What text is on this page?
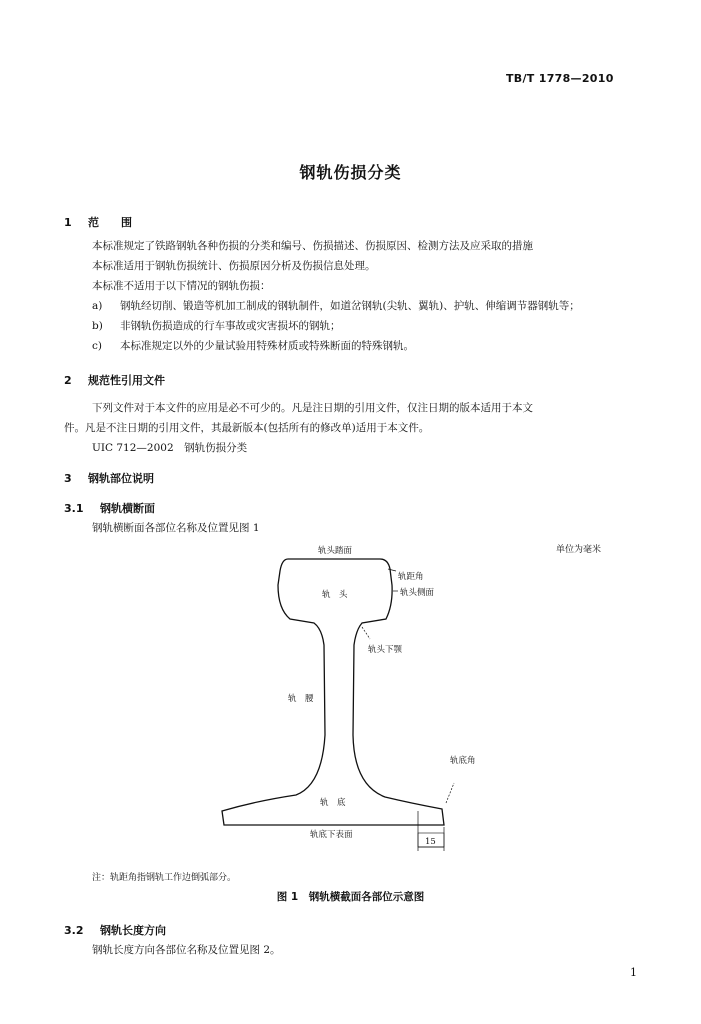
TB/T 1778—2010
钢轨伤损分类
1 范　　围
本标准规定了铁路钢轨各种伤损的分类和编号、伤损描述、伤损原因、检测方法及应采取的措施
本标准适用于钢轨伤损统计、伤损原因分析及伤损信息处理。
本标准不适用于以下情况的钢轨伤损：
a) 钢轨经切削、锻造等机加工制成的钢轨制件，如道岔钢轨(尖轨、翼轨)、护轨、伸缩调节器钢轨等；
b) 非钢轨伤损造成的行车事故或灾害损坏的钢轨；
c) 本标准规定以外的少量试验用特殊材质或特殊断面的特殊钢轨。
2 规范性引用文件
下列文件对于本文件的应用是必不可少的。凡是注日期的引用文件，仅注日期的版本适用于本文
件。凡是不注日期的引用文件，其最新版本(包括所有的修改单)适用于本文件。
UIC 712—2002　钢轨伤损分类
3 钢轨部位说明
3.1 钢轨横断面
钢轨横断面各部位名称及位置见图 1
单位为毫米
轨头踏面
轨距角
轨　头	轨头侧面
轨头下颚
轨　腰
轨底角
轨　底
轨底下表面
15
注：轨距角指钢轨工作边倒弧部分。
图 1　钢轨横截面各部位示意图
3.2 钢轨长度方向
钢轨长度方向各部位名称及位置见图 2。
1
